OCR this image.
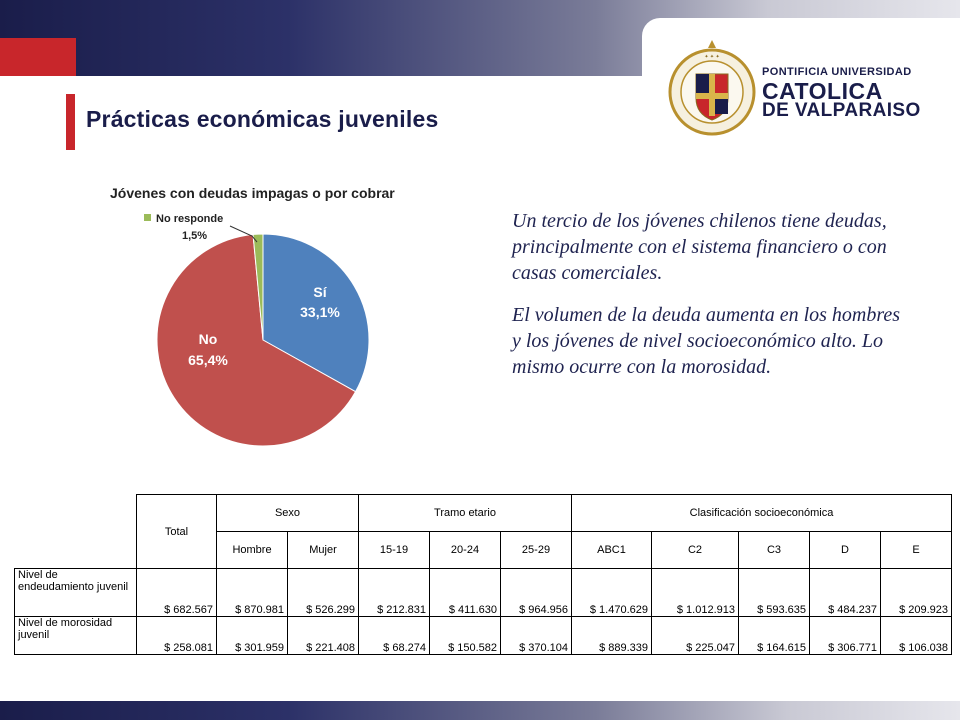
✦ ✦ ✦
PONTIFICIA UNIVERSIDAD
CATOLICA
DE VALPARAISO
Prácticas económicas juveniles
Jóvenes con deudas impagas o por cobrar
No responde
1,5%
Sí
33,1%
No
65,4%

Un tercio de los jóvenes chilenos tiene deudas, principalmente con el sistema financiero o con casas comerciales.

El volumen de la deuda aumenta en los hombres y los jóvenes de nivel socioeconómico alto. Lo mismo ocurre con la morosidad.

	Total	Sexo		Tramo etario			Clasificación socioeconómica				
		Hombre	Mujer	15-19	20-24	25-29	ABC1	C2	C3	D	E
Nivel de endeudamiento juvenil	$ 682.567	$ 870.981	$ 526.299	$ 212.831	$ 411.630	$ 964.956	$ 1.470.629	$ 1.012.913	$ 593.635	$ 484.237	$ 209.923
Nivel de morosidad juvenil	$ 258.081	$ 301.959	$ 221.408	$ 68.274	$ 150.582	$ 370.104	$ 889.339	$ 225.047	$ 164.615	$ 306.771	$ 106.038
